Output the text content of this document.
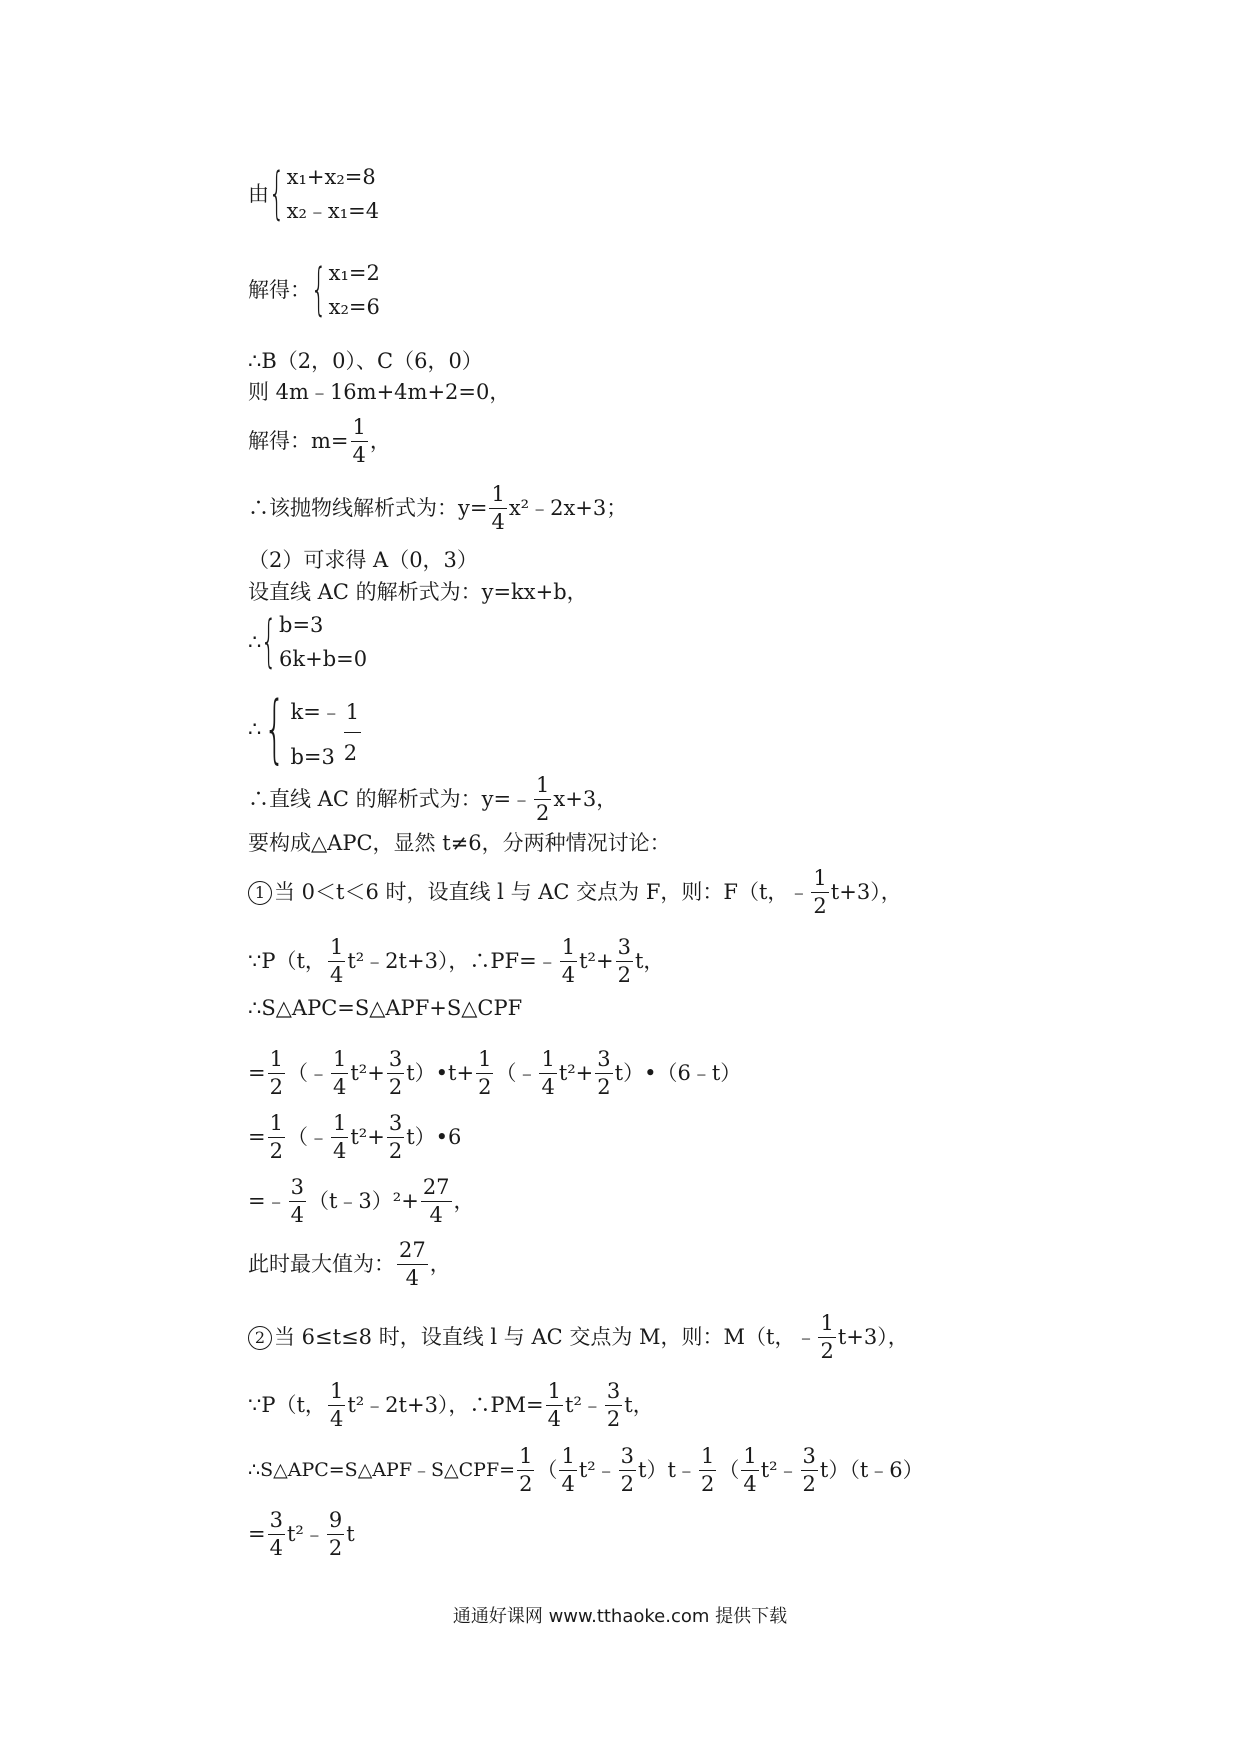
由 { x₁+x₂=8
x₂﹣x₁=4
解得： { x₁=2
x₂=6
∴B（2，0）、C（6，0）
则 4m﹣16m+4m+2=0，
解得：$m= \frac{1}{4}$ ，
∴该抛物线解析式为：$y= \frac{1}{4}$ x²﹣2x+3；
（2）可求得 A（0，3）
设直线 AC 的解析式为：y=kx+b，
∴ { b=3
6k+b=0
∴ { k=﹣ 1
2
b=3
∴直线 AC 的解析式为：y=﹣
1
2
x+3，
要构成△APC，显然 t≠6，分两种情况讨论：
1 当 0＜t＜6 时，设直线 l 与 AC 交点为 F，则：F（t，﹣
1
2
t+3），
∵P（t，
1
4
t²﹣2t+3），∴PF=﹣
1
4
$t^2+ \frac{3}{2}$ t，
∴S△APC=S△APF+S△CPF
= $\frac{1}{2}$ （﹣
1
4
$t^2+ \frac{3}{2}$ t）•t+ $\frac{1}{2}$ （﹣
1
4
$t^2+ \frac{3}{2}$ t）•（6﹣t）
= $\frac{1}{2}$ （﹣
1
4
$t^2+ \frac{3}{2}$ t）•6
=﹣
3
4
（t﹣3）²+ $\frac{27}{4}$ ，
此时最大值为：
27
4
，
2 当 6≤t≤8 时，设直线 l 与 AC 交点为 M，则：M（t，﹣
1
2
t+3），
∵P（t，
1
4
t²﹣2t+3），∴PM= $\frac{1}{4}$ t²﹣
3
2
t，
∴S△APC=S△APF﹣S△CPF= $\frac{1}{2}$ （
1
4
t²﹣
3
2
t）t﹣
1
2
（
1
4
t²﹣
3
2
t）（t﹣6）
= $\frac{3}{4}$ t²﹣
9
2
t
通通好课网 www.tthaoke.com 提供下载
